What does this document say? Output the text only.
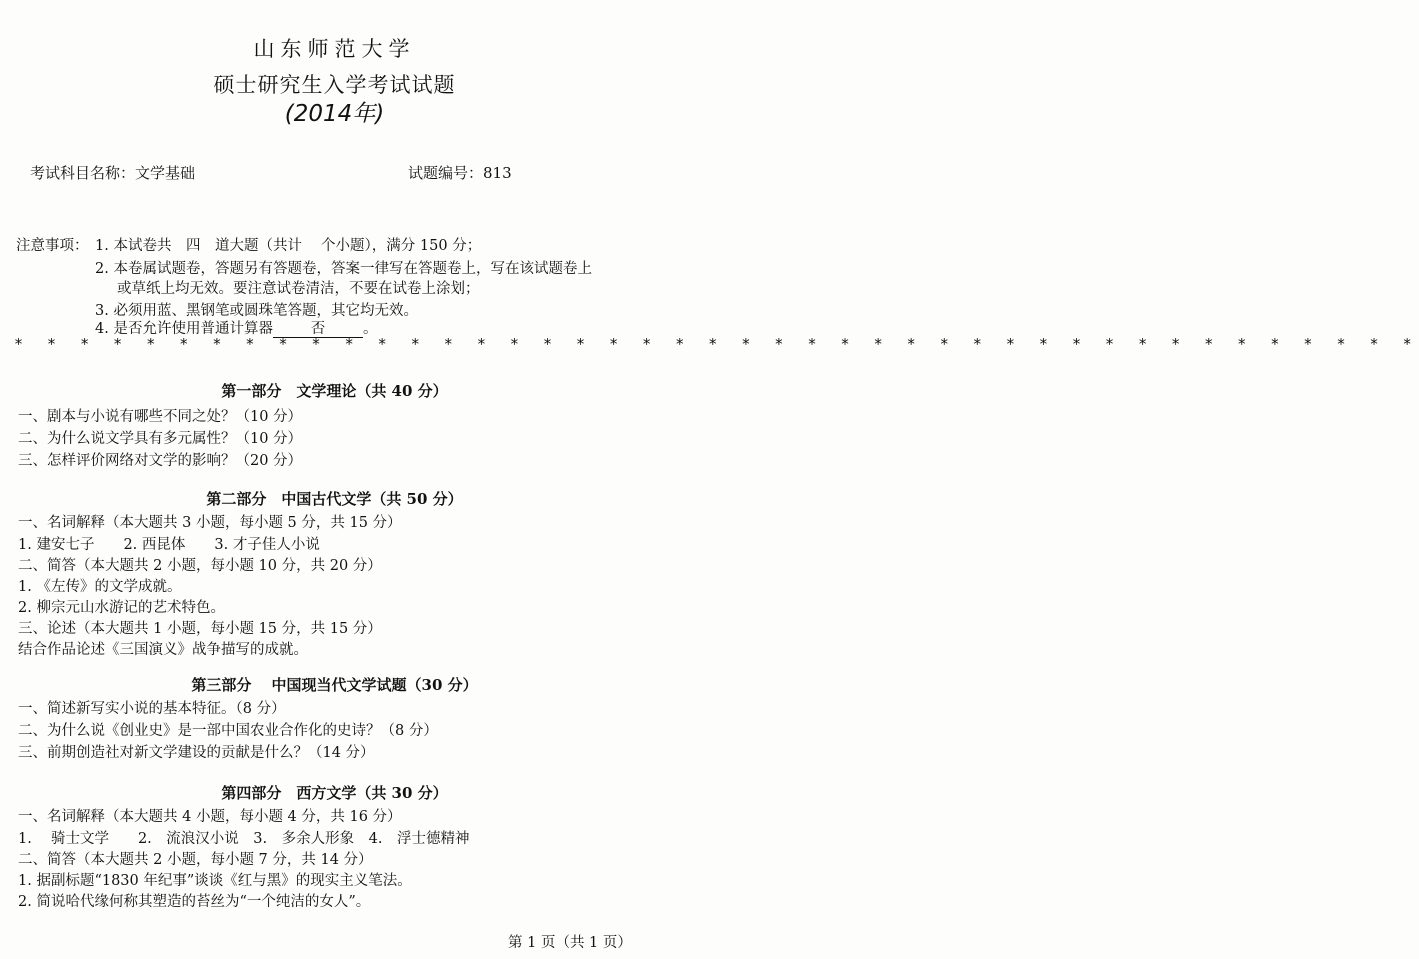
山东师范大学
硕士研究生入学考试试题
(2014年)
考试科目名称：文学基础	试题编号：813
注意事项： 1. 本试卷共　四　道大题（共计　 个小题），满分 150 分；
2. 本卷属试题卷，答题另有答题卷，答案一律写在答题卷上，写在该试题卷上
或草纸上均无效。要注意试卷清洁，不要在试卷上涂划；
3. 必须用蓝、黑钢笔或圆珠笔答题，其它均无效。
4. 是否允许使用普通计算器	否	。
* * * * * * * * * * * * * * * * * * * * * * * * * * * * * * * * * * * * * * * * * * *
第一部分　文学理论（共 40 分）
一、剧本与小说有哪些不同之处？（10 分）
二、为什么说文学具有多元属性？（10 分）
三、怎样评价网络对文学的影响？（20 分）
第二部分　中国古代文学（共 50 分）
一、名词解释（本大题共 3 小题，每小题 5 分，共 15 分）
1. 建安七子　　2. 西昆体　　3. 才子佳人小说
二、简答（本大题共 2 小题，每小题 10 分，共 20 分）
1. 《左传》的文学成就。
2. 柳宗元山水游记的艺术特色。
三、论述（本大题共 1 小题，每小题 15 分，共 15 分）
结合作品论述《三国演义》战争描写的成就。
第三部分　 中国现当代文学试题（30 分）
一、简述新写实小说的基本特征。（8 分）
二、为什么说《创业史》是一部中国农业合作化的史诗？（8 分）
三、前期创造社对新文学建设的贡献是什么？（14 分）
第四部分　西方文学（共 30 分）
一、名词解释（本大题共 4 小题，每小题 4 分，共 16 分）
1.　 骑士文学　　2.　流浪汉小说　3.　多余人形象　4.　浮士德精神
二、简答（本大题共 2 小题，每小题 7 分，共 14 分）
1. 据副标题“1830 年纪事”谈谈《红与黑》的现实主义笔法。
2. 简说哈代缘何称其塑造的苔丝为“一个纯洁的女人”。
第 1 页（共 1 页）
